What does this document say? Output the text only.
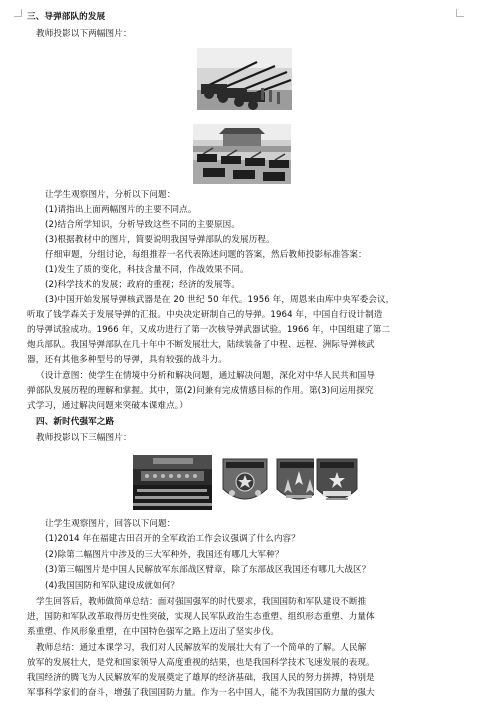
三、导弹部队的发展
教师投影以下两幅图片：
让学生观察图片，分析以下问题：
(1)请指出上面两幅图片的主要不同点。
(2)结合所学知识，分析导致这些不同的主要原因。
(3)根据教材中的图片，简要说明我国导弹部队的发展历程。
仔细审题，分组讨论，每组推荐一名代表陈述问题的答案，然后教师投影标准答案：
(1)发生了质的变化，科技含量不同，作战效果不同。
(2)科学技术的发展；政府的重视；经济的发展等。
(3)中国开始发展导弹核武器是在 20 世纪 50 年代。1956 年，周恩来由库中央军委会议，
听取了钱学森关于发展导弹的汇报。中央决定研制自己的导弹。1964 年，中国自行设计制造
的导弹试验成功。1966 年，又成功进行了第一次核导弹武器试验。1966 年，中国组建了第二
炮兵部队。我国导弹部队在几十年中不断发展壮大，陆续装备了中程、远程、洲际导弹核武
器，还有其他多种型号的导弹，具有较强的战斗力。
（设计意图：使学生在情境中分析和解决问题，通过解决问题，深化对中华人民共和国导
弹部队发展历程的理解和掌握。其中，第(2)问兼有完成情感目标的作用。第(3)问运用探究
式学习，通过解决问题来突破本课难点。）
四、新时代强军之路
教师投影以下三幅图片：
让学生观察图片，回答以下问题：
(1)2014 年在福建古田召开的全军政治工作会议强调了什么内容？
(2)除第二幅图片中涉及的三大军种外，我国还有哪几大军种？
(3)第三幅图片是中国人民解放军东部战区臂章，除了东部战区我国还有哪几大战区？
(4)我国国防和军队建设成就如何？
学生回答后，教师做简单总结：面对强国强军的时代要求，我国国防和军队建设不断推
进，国防和军队改革取得历史性突破，实现人民军队政治生态重塑、组织形态重塑、力量体
系重塑、作风形象重塑，在中国特色强军之路上迈出了坚实步伐。
教师总结：通过本课学习，我们对人民解放军的发展壮大有了一个简单的了解。人民解
放军的发展壮大，是党和国家领导人高度重视的结果，也是我国科学技术飞速发展的表现。
我国经济的腾飞为人民解放军的发展奠定了雄厚的经济基础，我国人民的努力拼搏，特别是
军事科学家们的奋斗，增强了我国国防力量。作为一名中国人，能不为我国国防力量的强大
